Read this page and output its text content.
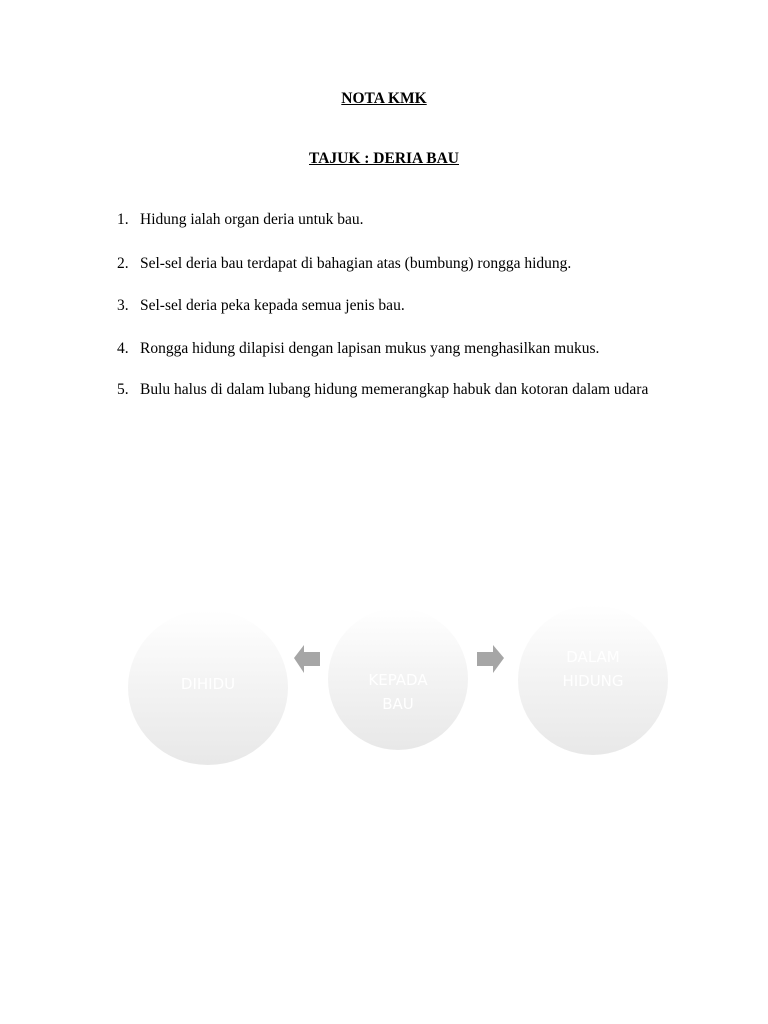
NOTA KMK
TAJUK : DERIA BAU
1. Hidung ialah organ deria untuk bau.
2. Sel-sel deria bau terdapat di bahagian atas (bumbung) rongga hidung.
3. Sel-sel deria peka kepada semua jenis bau.
4. Rongga hidung dilapisi dengan lapisan mukus yang menghasilkan mukus.
5. Bulu halus di dalam lubang hidung memerangkap habuk dan kotoran dalam udara
DIHIDU	KEPADA
BAU
DALAM
HIDUNG
